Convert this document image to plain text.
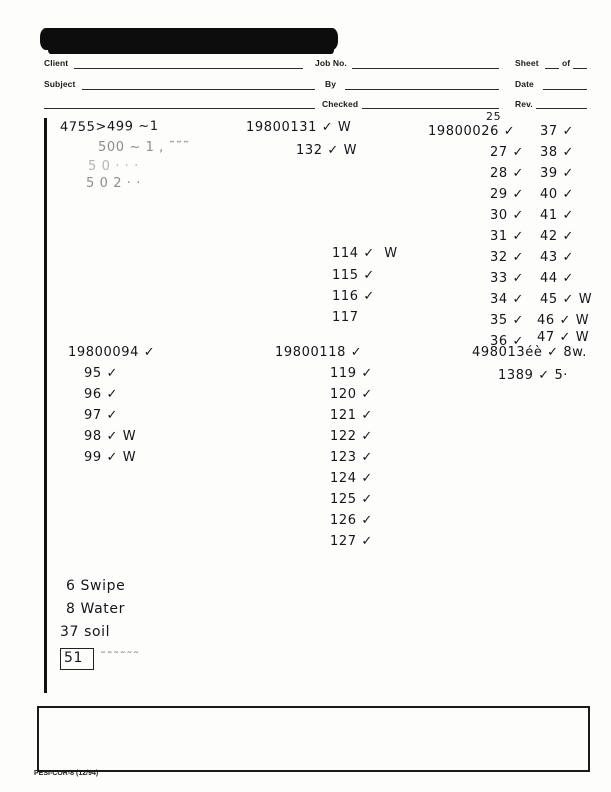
Client	Job No.	Sheet	of
Subject	By	Date
Checked	Rev.
4755>499 ~1
500 ~ 1 , ˜˜˜
5 0 · · ·
5 0 2 · ·
19800094 ✓
95 ✓
96 ✓
97 ✓
98 ✓ W
99 ✓ W
19800131 ✓ W
132 ✓ W
114 ✓  W
115 ✓
116 ✓
117
19800118 ✓
119 ✓
120 ✓
121 ✓
122 ✓
123 ✓
124 ✓
125 ✓
126 ✓
127 ✓
25
19800026 ✓
27 ✓
28 ✓
29 ✓
30 ✓
31 ✓
32 ✓
33 ✓
34 ✓
35 ✓
36 ✓
37 ✓
38 ✓
39 ✓
40 ✓
41 ✓
42 ✓
43 ✓
44 ✓
45 ✓ W
46 ✓ W
47 ✓ W
498013éè ✓ 8w.
1389 ✓ 5·
6 Swipe
8 Water
37 soil
51 ˜˜˜˜˜˜
PESI-COR-8 (12/94)
